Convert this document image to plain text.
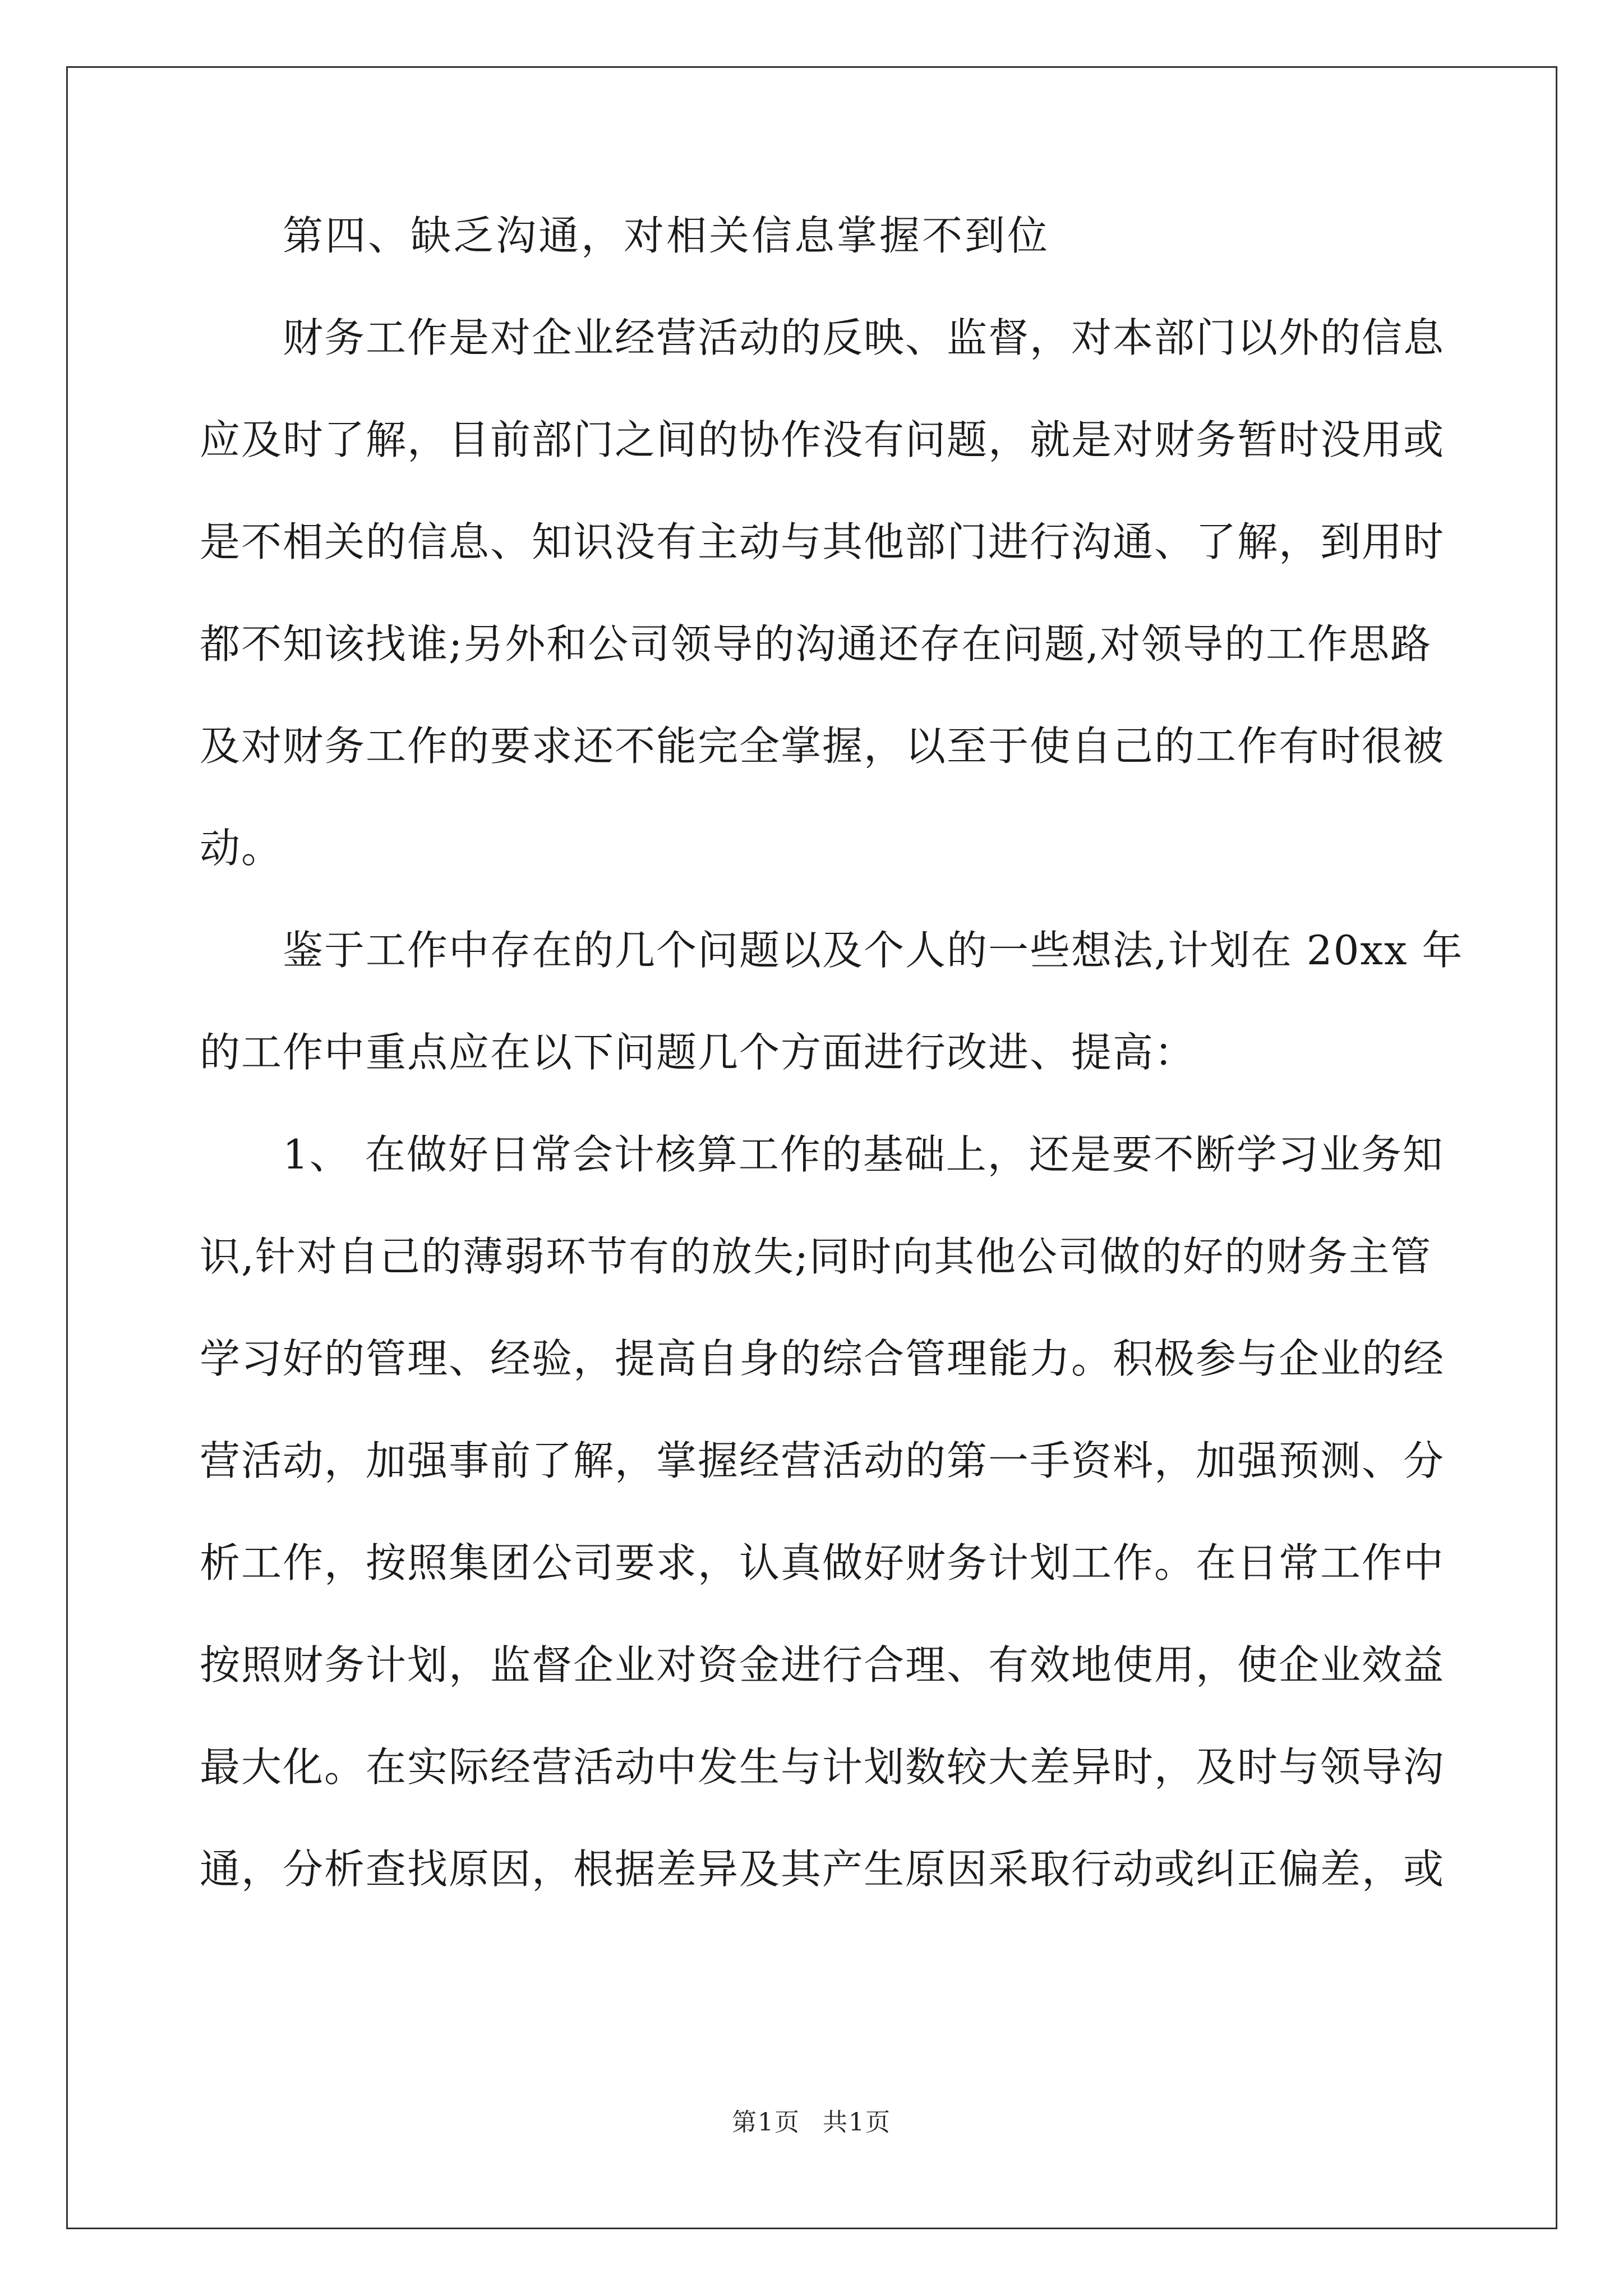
第四、缺乏沟通，对相关信息掌握不到位

财务工作是对企业经营活动的反映、监督，对本部门以外的信息

应及时了解，目前部门之间的协作没有问题，就是对财务暂时没用或

是不相关的信息、知识没有主动与其他部门进行沟通、了解，到用时

都不知该找谁;另外和公司领导的沟通还存在问题,对领导的工作思路

及对财务工作的要求还不能完全掌握，以至于使自己的工作有时很被

动。

鉴于工作中存在的几个问题以及个人的一些想法,计划在 20xx 年

的工作中重点应在以下问题几个方面进行改进、提高：

1、 在做好日常会计核算工作的基础上，还是要不断学习业务知

识,针对自己的薄弱环节有的放失;同时向其他公司做的好的财务主管

学习好的管理、经验，提高自身的综合管理能力。积极参与企业的经

营活动，加强事前了解，掌握经营活动的第一手资料，加强预测、分

析工作，按照集团公司要求，认真做好财务计划工作。在日常工作中

按照财务计划，监督企业对资金进行合理、有效地使用，使企业效益

最大化。在实际经营活动中发生与计划数较大差异时，及时与领导沟

通，分析查找原因，根据差异及其产生原因采取行动或纠正偏差，或

第1页 共1页
